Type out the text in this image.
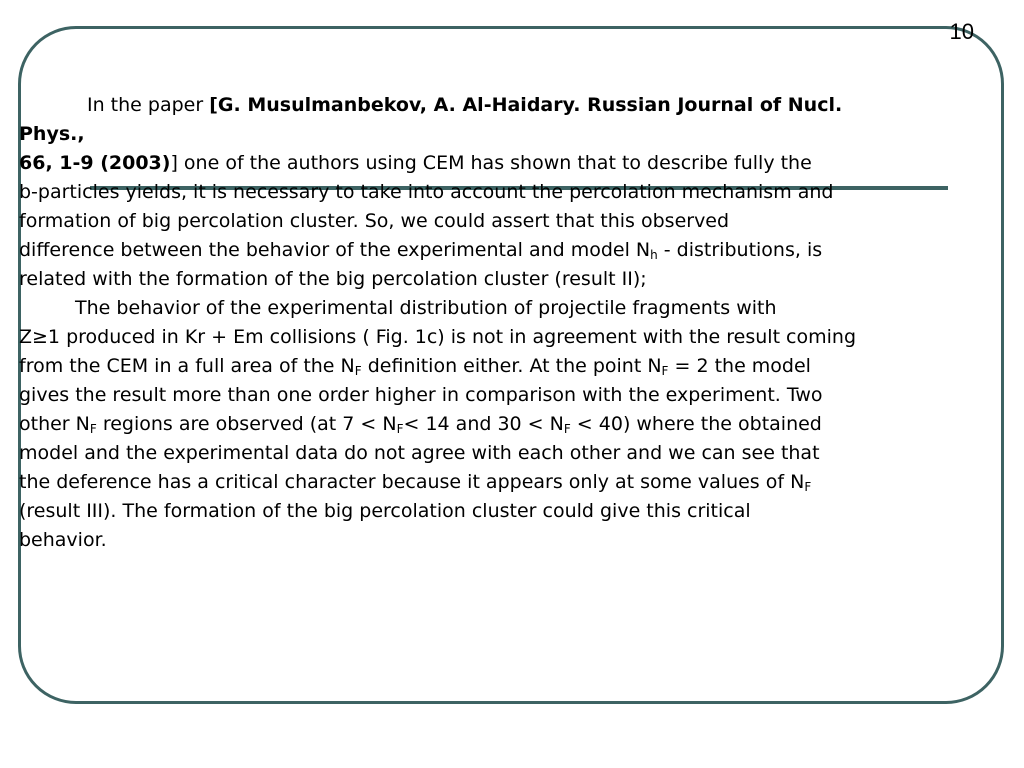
10
In the paper [G. Musulmanbekov, A. Al-Haidary. Russian Journal of Nucl.
Phys.,
66, 1-9 (2003)] one of the authors using CEM has shown that to describe fully the
b-particles yields, it is necessary to take into account the percolation mechanism and
formation of big percolation cluster. So, we could assert that this observed
difference between the behavior of the experimental and model $N_h$ - distributions, is
related with the formation of the big percolation cluster (result II);
The behavior of the experimental distribution of projectile fragments with
Z≥1 produced in Kr + Em collisions ( Fig. 1c) is not in agreement with the result coming
from the CEM in a full area of the $N_F$ definition either. At the point $N_F = 2$ the model
gives the result more than one order higher in comparison with the experiment. Two
other $N_F$ regions are observed (at $7 < N_F< 14$ and $30 < N_F < 40$) where the obtained
model and the experimental data do not agree with each other and we can see that
the deference has a critical character because it appears only at some values of $N_F$
(result III). The formation of the big percolation cluster could give this critical
behavior.
